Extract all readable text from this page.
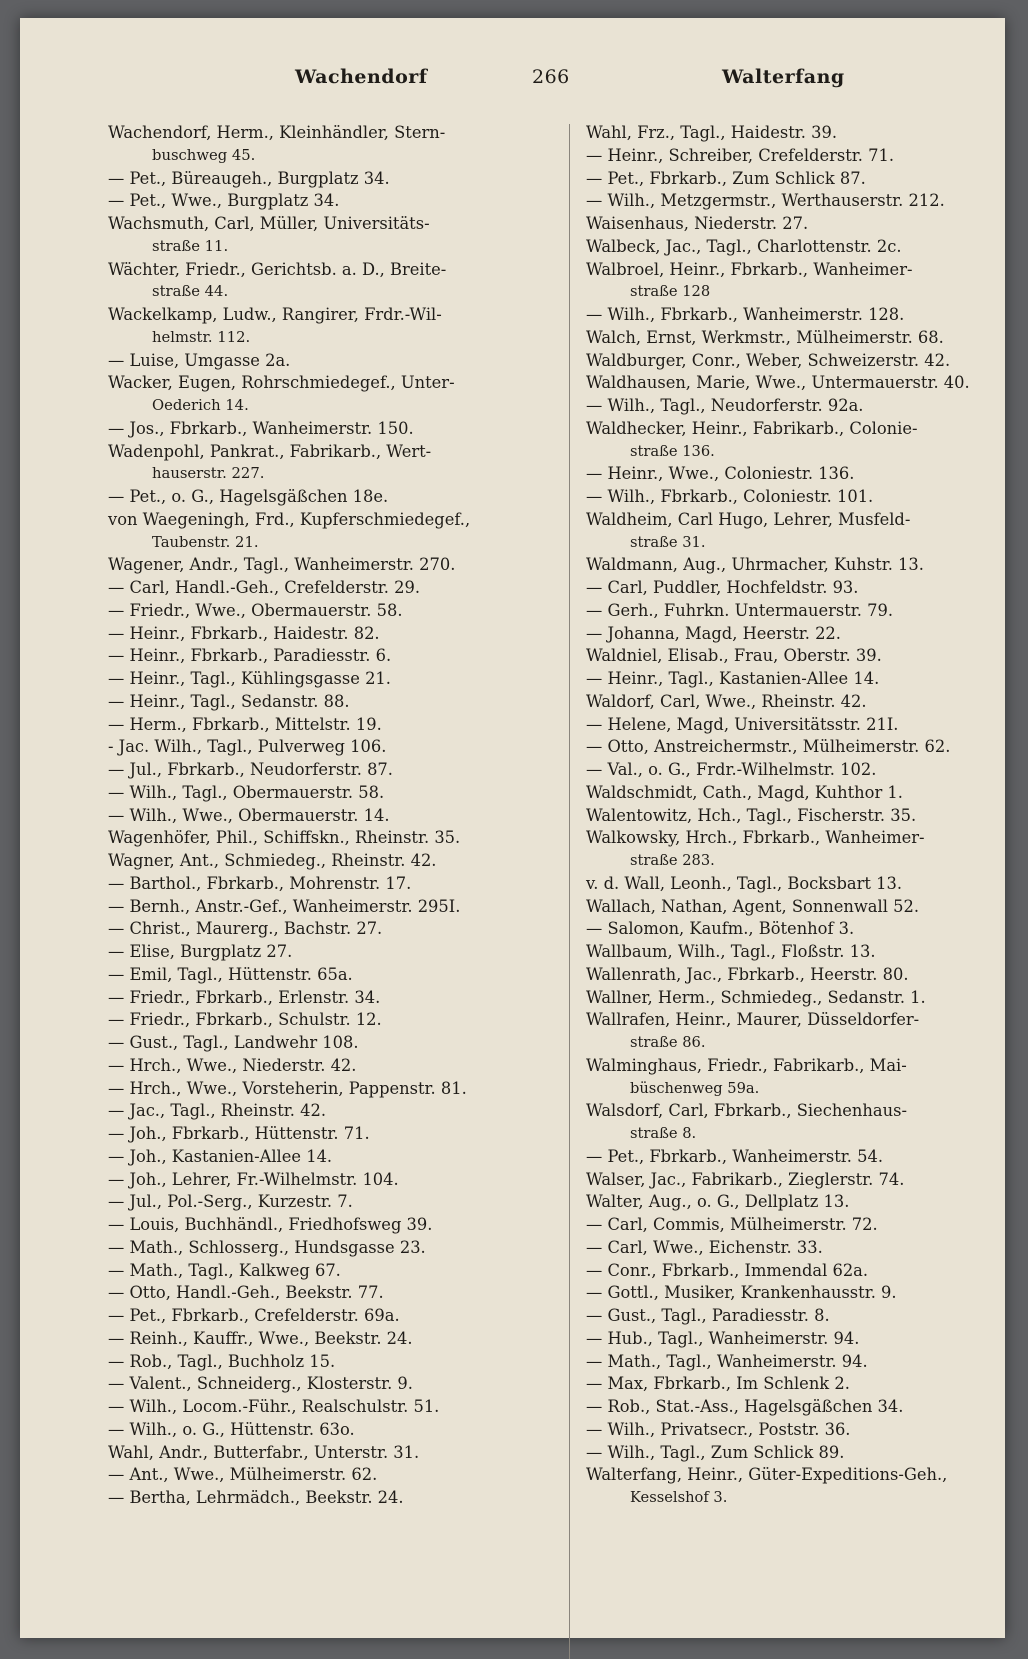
Wachendorf	266	Walterfang

Wachendorf, Herm., Kleinhändler, Stern-

buschweg 45.

— Pet., Büreaugeh., Burgplatz 34.

— Pet., Wwe., Burgplatz 34.

Wachsmuth, Carl, Müller, Universitäts-

straße 11.

Wächter, Friedr., Gerichtsb. a. D., Breite-

straße 44.

Wackelkamp, Ludw., Rangirer, Frdr.-Wil-

helmstr. 112.

— Luise, Umgasse 2a.

Wacker, Eugen, Rohrschmiedegef., Unter-

Oederich 14.

— Jos., Fbrkarb., Wanheimerstr. 150.

Wadenpohl, Pankrat., Fabrikarb., Wert-

hauserstr. 227.

— Pet., o. G., Hagelsgäßchen 18e.

von Waegeningh, Frd., Kupferschmiedegef.,

Taubenstr. 21.

Wagener, Andr., Tagl., Wanheimerstr. 270.

— Carl, Handl.-Geh., Crefelderstr. 29.

— Friedr., Wwe., Obermauerstr. 58.

— Heinr., Fbrkarb., Haidestr. 82.

— Heinr., Fbrkarb., Paradiesstr. 6.

— Heinr., Tagl., Kühlingsgasse 21.

— Heinr., Tagl., Sedanstr. 88.

— Herm., Fbrkarb., Mittelstr. 19.

- Jac. Wilh., Tagl., Pulverweg 106.

— Jul., Fbrkarb., Neudorferstr. 87.

— Wilh., Tagl., Obermauerstr. 58.

— Wilh., Wwe., Obermauerstr. 14.

Wagenhöfer, Phil., Schiffskn., Rheinstr. 35.

Wagner, Ant., Schmiedeg., Rheinstr. 42.

— Barthol., Fbrkarb., Mohrenstr. 17.

— Bernh., Anstr.-Gef., Wanheimerstr. 295I.

— Christ., Maurerg., Bachstr. 27.

— Elise, Burgplatz 27.

— Emil, Tagl., Hüttenstr. 65a.

— Friedr., Fbrkarb., Erlenstr. 34.

— Friedr., Fbrkarb., Schulstr. 12.

— Gust., Tagl., Landwehr 108.

— Hrch., Wwe., Niederstr. 42.

— Hrch., Wwe., Vorsteherin, Pappenstr. 81.

— Jac., Tagl., Rheinstr. 42.

— Joh., Fbrkarb., Hüttenstr. 71.

— Joh., Kastanien-Allee 14.

— Joh., Lehrer, Fr.-Wilhelmstr. 104.

— Jul., Pol.-Serg., Kurzestr. 7.

— Louis, Buchhändl., Friedhofsweg 39.

— Math., Schlosserg., Hundsgasse 23.

— Math., Tagl., Kalkweg 67.

— Otto, Handl.-Geh., Beekstr. 77.

— Pet., Fbrkarb., Crefelderstr. 69a.

— Reinh., Kauffr., Wwe., Beekstr. 24.

— Rob., Tagl., Buchholz 15.

— Valent., Schneiderg., Klosterstr. 9.

— Wilh., Locom.-Führ., Realschulstr. 51.

— Wilh., o. G., Hüttenstr. 63o.

Wahl, Andr., Butterfabr., Unterstr. 31.

— Ant., Wwe., Mülheimerstr. 62.

— Bertha, Lehrmädch., Beekstr. 24.

Wahl, Frz., Tagl., Haidestr. 39.

— Heinr., Schreiber, Crefelderstr. 71.

— Pet., Fbrkarb., Zum Schlick 87.

— Wilh., Metzgermstr., Werthauserstr. 212.

Waisenhaus, Niederstr. 27.

Walbeck, Jac., Tagl., Charlottenstr. 2c.

Walbroel, Heinr., Fbrkarb., Wanheimer-

straße 128

— Wilh., Fbrkarb., Wanheimerstr. 128.

Walch, Ernst, Werkmstr., Mülheimerstr. 68.

Waldburger, Conr., Weber, Schweizerstr. 42.

Waldhausen, Marie, Wwe., Untermauerstr. 40.

— Wilh., Tagl., Neudorferstr. 92a.

Waldhecker, Heinr., Fabrikarb., Colonie-

straße 136.

— Heinr., Wwe., Coloniestr. 136.

— Wilh., Fbrkarb., Coloniestr. 101.

Waldheim, Carl Hugo, Lehrer, Musfeld-

straße 31.

Waldmann, Aug., Uhrmacher, Kuhstr. 13.

— Carl, Puddler, Hochfeldstr. 93.

— Gerh., Fuhrkn. Untermauerstr. 79.

— Johanna, Magd, Heerstr. 22.

Waldniel, Elisab., Frau, Oberstr. 39.

— Heinr., Tagl., Kastanien-Allee 14.

Waldorf, Carl, Wwe., Rheinstr. 42.

— Helene, Magd, Universitätsstr. 21I.

— Otto, Anstreichermstr., Mülheimerstr. 62.

— Val., o. G., Frdr.-Wilhelmstr. 102.

Waldschmidt, Cath., Magd, Kuhthor 1.

Walentowitz, Hch., Tagl., Fischerstr. 35.

Walkowsky, Hrch., Fbrkarb., Wanheimer-

straße 283.

v. d. Wall, Leonh., Tagl., Bocksbart 13.

Wallach, Nathan, Agent, Sonnenwall 52.

— Salomon, Kaufm., Bötenhof 3.

Wallbaum, Wilh., Tagl., Floßstr. 13.

Wallenrath, Jac., Fbrkarb., Heerstr. 80.

Wallner, Herm., Schmiedeg., Sedanstr. 1.

Wallrafen, Heinr., Maurer, Düsseldorfer-

straße 86.

Walminghaus, Friedr., Fabrikarb., Mai-

büschenweg 59a.

Walsdorf, Carl, Fbrkarb., Siechenhaus-

straße 8.

— Pet., Fbrkarb., Wanheimerstr. 54.

Walser, Jac., Fabrikarb., Zieglerstr. 74.

Walter, Aug., o. G., Dellplatz 13.

— Carl, Commis, Mülheimerstr. 72.

— Carl, Wwe., Eichenstr. 33.

— Conr., Fbrkarb., Immendal 62a.

— Gottl., Musiker, Krankenhausstr. 9.

— Gust., Tagl., Paradiesstr. 8.

— Hub., Tagl., Wanheimerstr. 94.

— Math., Tagl., Wanheimerstr. 94.

— Max, Fbrkarb., Im Schlenk 2.

— Rob., Stat.-Ass., Hagelsgäßchen 34.

— Wilh., Privatsecr., Poststr. 36.

— Wilh., Tagl., Zum Schlick 89.

Walterfang, Heinr., Güter-Expeditions-Geh.,

Kesselshof 3.
